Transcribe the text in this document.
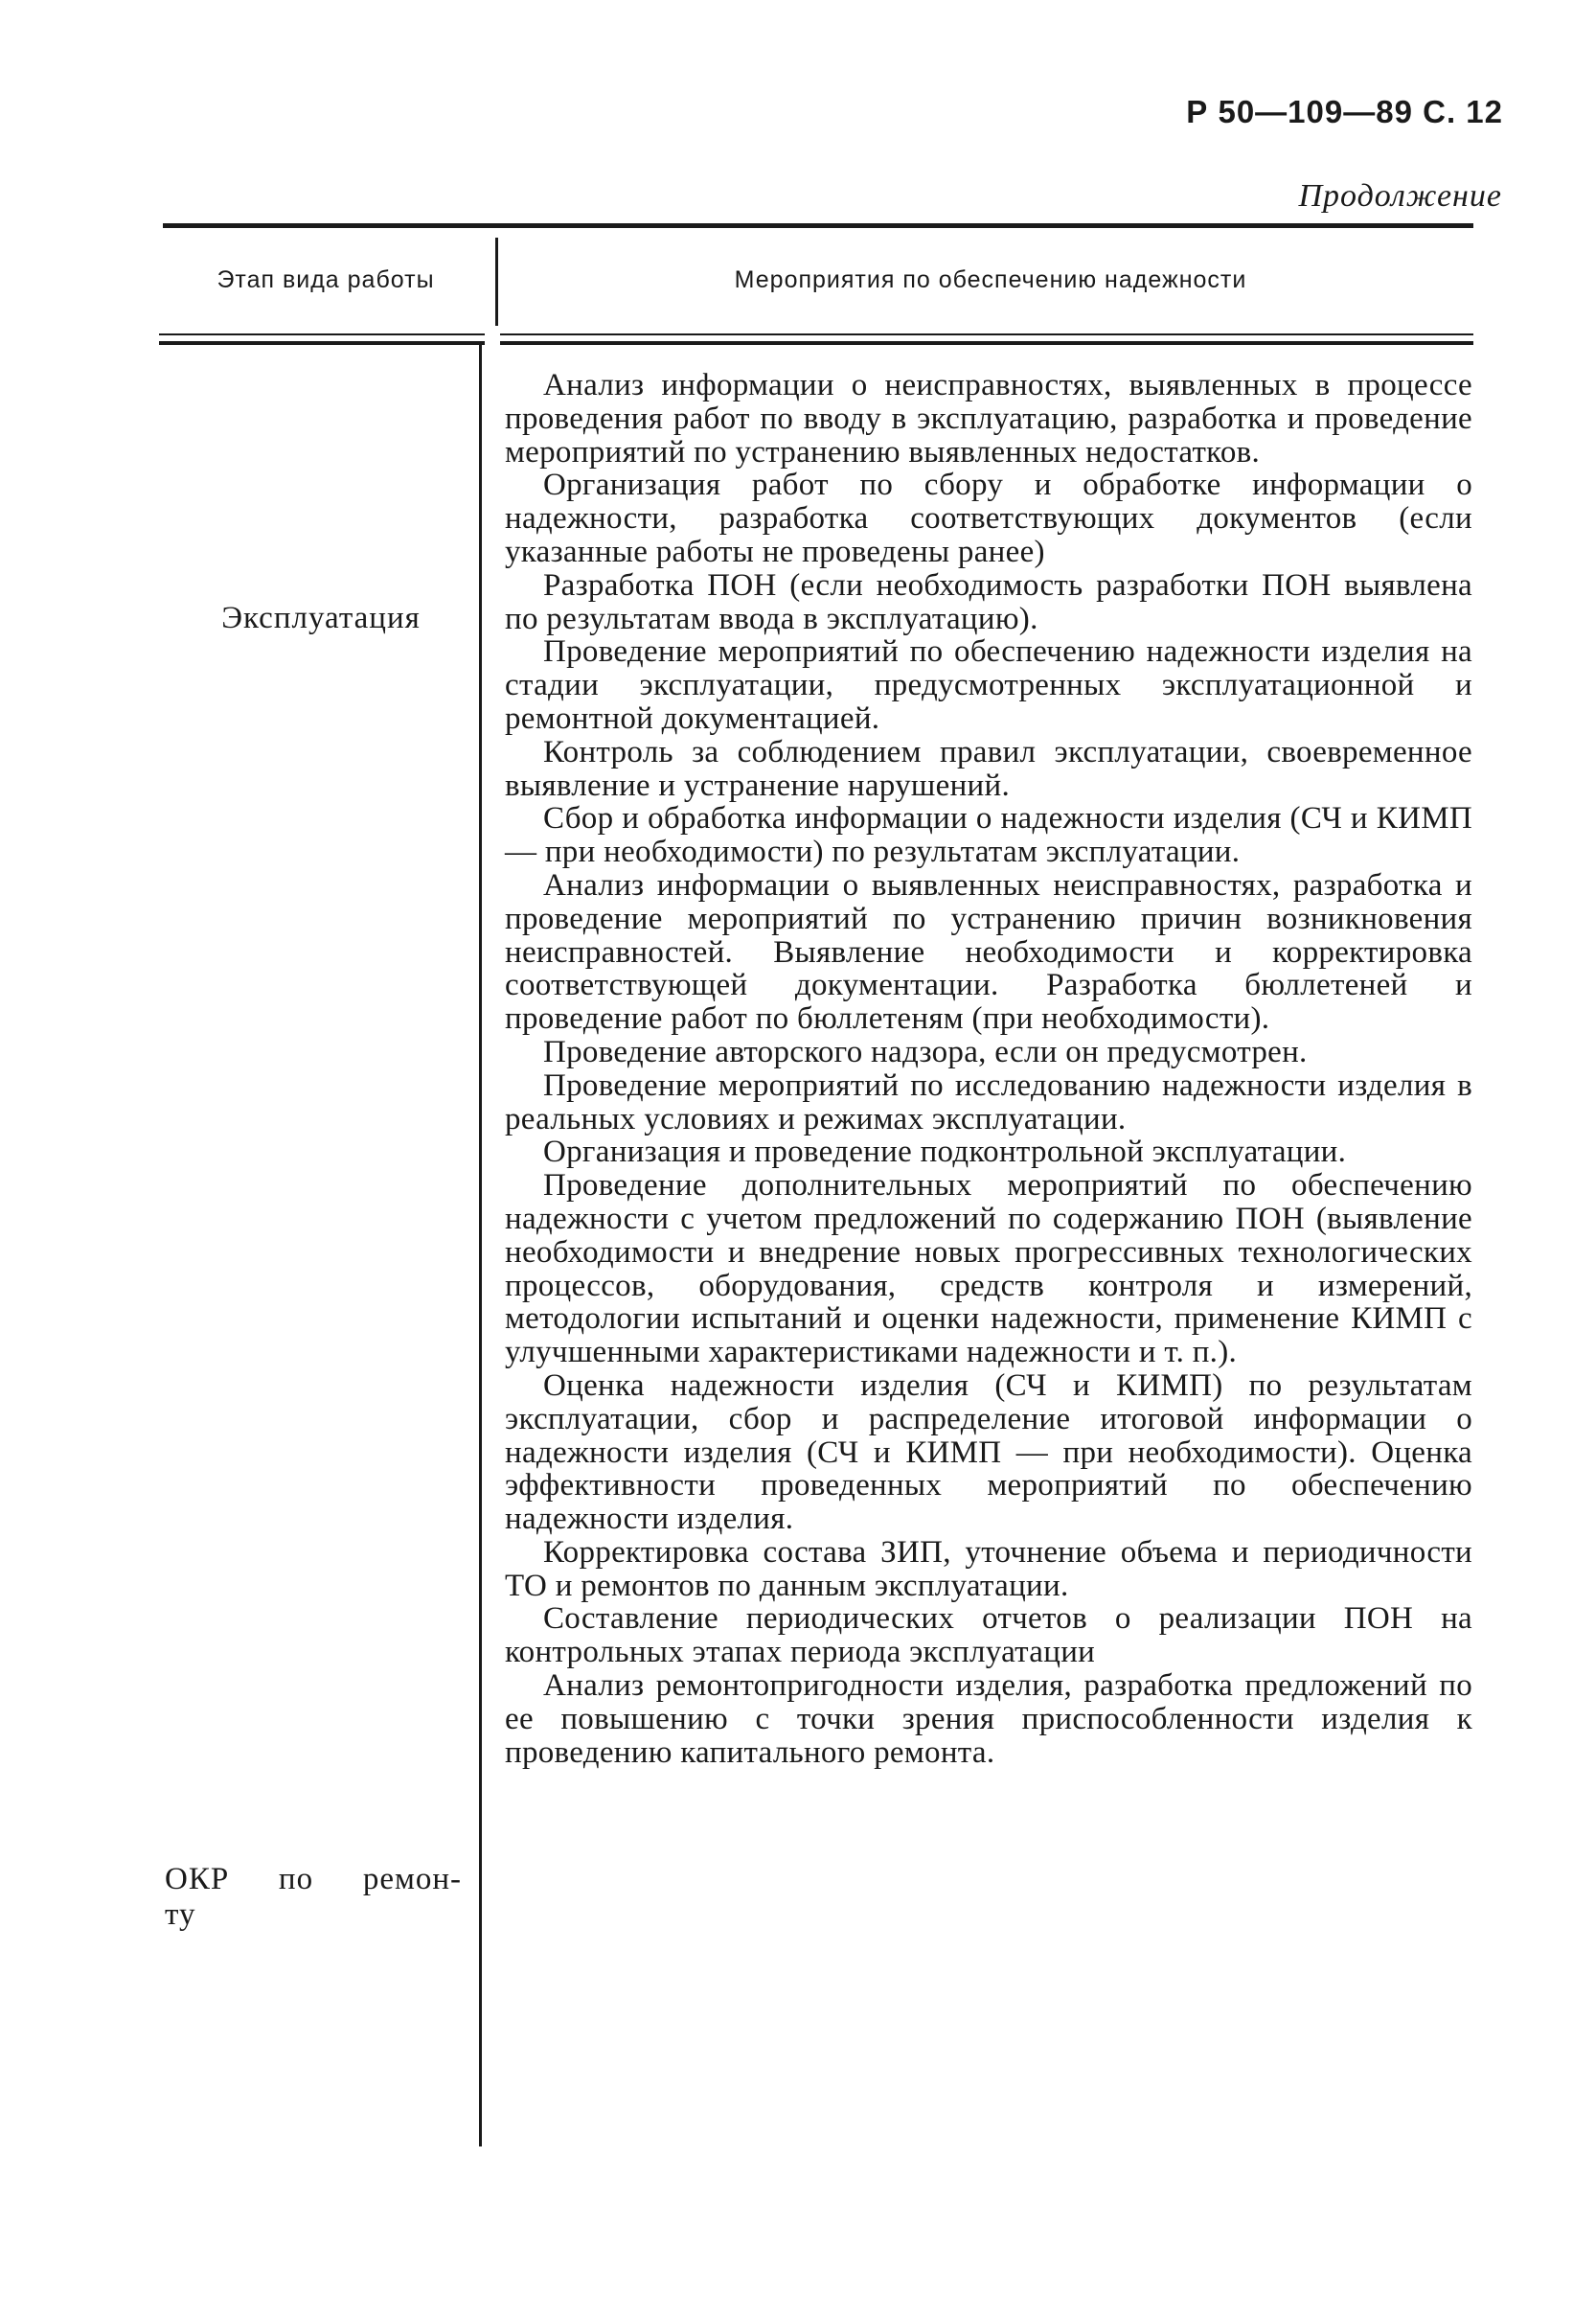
Р 50—109—89 С. 12
Продолжение
Этап вида работы	Мероприятия по обеспечению надежности
Эксплуатация
ОКР по ремон-
ту

Анализ информации о неисправностях, выявленных в процессе проведения работ по вводу в эксплуатацию, разработка и проведение мероприятий по устранению выявленных недостатков.

Организация работ по сбору и обработке информации о надежности, разработка соответствующих документов (если указанные работы не проведены ранее)

Разработка ПОН (если необходимость разработки ПОН выявлена по результатам ввода в эксплуатацию).

Проведение мероприятий по обеспечению надежности изделия на стадии эксплуатации, предусмотренных эксплуатационной и ремонтной документацией.

Контроль за соблюдением правил эксплуатации, своевременное выявление и устранение нарушений.

Сбор и обработка информации о надежности изделия (СЧ и КИМП — при необходимости) по результатам эксплуатации.

Анализ информации о выявленных неисправностях, разработка и проведение мероприятий по устранению причин возникновения неисправностей. Выявление необходимости и корректировка соответствующей документации. Разработка бюллетеней и проведение работ по бюллетеням (при необходимости).

Проведение авторского надзора, если он предусмотрен.

Проведение мероприятий по исследованию надежности изделия в реальных условиях и режимах эксплуатации.

Организация и проведение подконтрольной эксплуатации.

Проведение дополнительных мероприятий по обеспечению надежности с учетом предложений по содержанию ПОН (выявление необходимости и внедрение новых прогрессивных технологических процессов, оборудования, средств контроля и измерений, методологии испытаний и оценки надежности, применение КИМП с улучшенными характеристиками надежности и т. п.).

Оценка надежности изделия (СЧ и КИМП) по результатам эксплуатации, сбор и распределение итоговой информации о надежности изделия (СЧ и КИМП — при необходимости). Оценка эффективности проведенных мероприятий по обеспечению надежности изделия.

Корректировка состава ЗИП, уточнение объема и периодичности ТО и ремонтов по данным эксплуатации.

Составление периодических отчетов о реализации ПОН на контрольных этапах периода эксплуатации

Анализ ремонтопригодности изделия, разработка предложений по ее повышению с точки зрения приспособленности изделия к проведению капитального ремонта.
